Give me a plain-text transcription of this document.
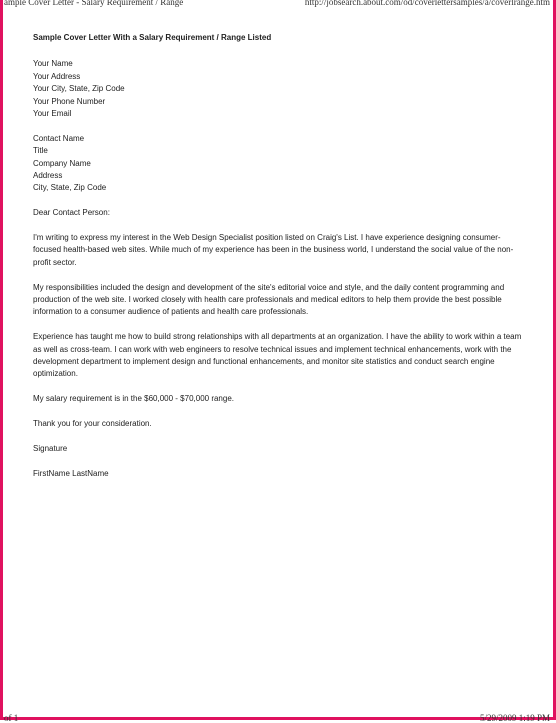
ample Cover Letter - Salary Requirement / Range	http://jobsearch.about.com/od/coverlettersamples/a/coverlrange.htm
Sample Cover Letter With a Salary Requirement / Range Listed
Your Name
Your Address
Your City, State, Zip Code
Your Phone Number
Your Email
Contact Name
Title
Company Name
Address
City, State, Zip Code

Dear Contact Person:

I'm writing to express my interest in the Web Design Specialist position listed on Craig's List. I have experience designing consumer-focused health-based web sites. While much of my experience has been in the business world, I understand the social value of the non-profit sector.

My responsibilities included the design and development of the site's editorial voice and style, and the daily content programming and production of the web site. I worked closely with health care professionals and medical editors to help them provide the best possible information to a consumer audience of patients and health care professionals.

Experience has taught me how to build strong relationships with all departments at an organization. I have the ability to work within a team as well as cross-team. I can work with web engineers to resolve technical issues and implement technical enhancements, work with the development department to implement design and functional enhancements, and monitor site statistics and conduct search engine optimization.

My salary requirement is in the $60,000 - $70,000 range.

Thank you for your consideration.

Signature

FirstName LastName

of 1	5/29/2009 1:19 PM
